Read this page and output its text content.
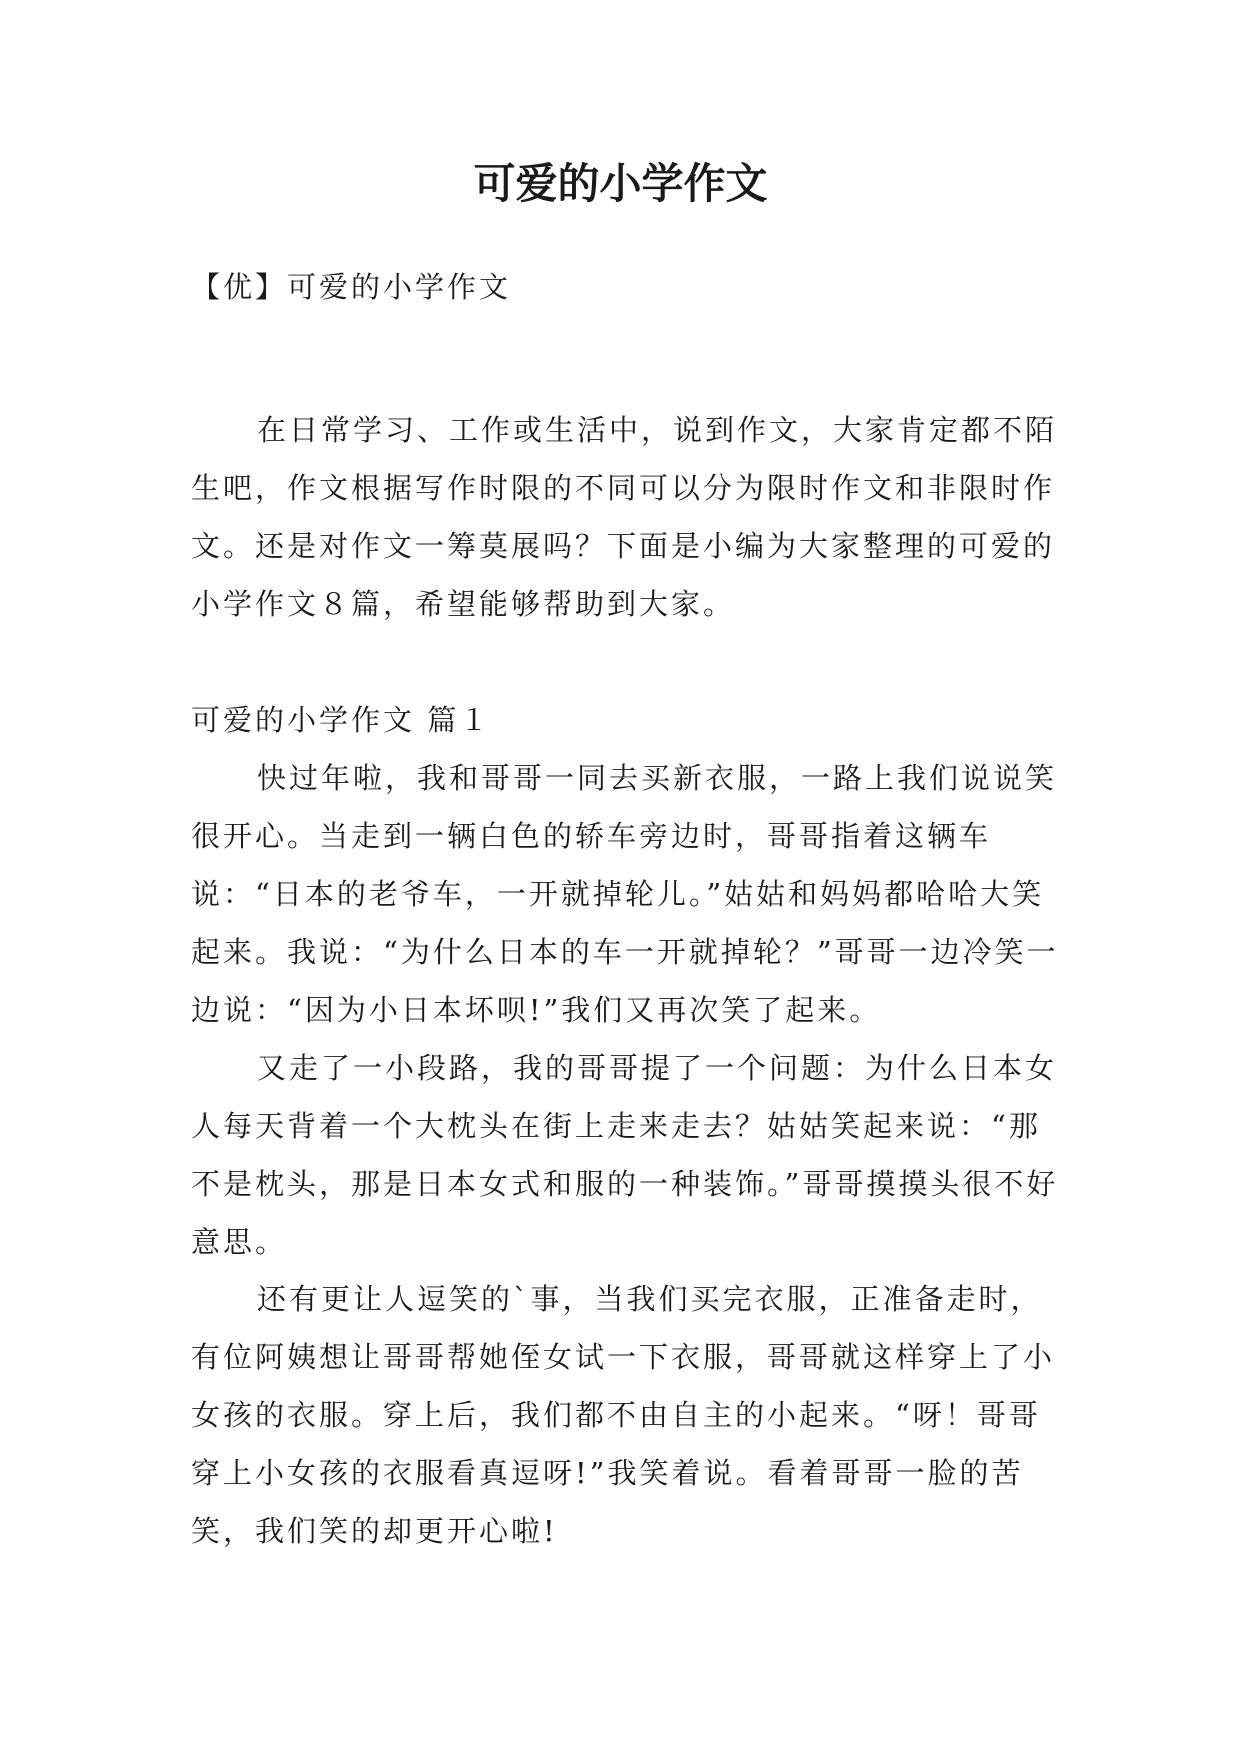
可爱的小学作文

【优】可爱的小学作文

在日常学习、工作或生活中，说到作文，大家肯定都不陌生吧，作文根据写作时限的不同可以分为限时作文和非限时作文。还是对作文一筹莫展吗？下面是小编为大家整理的可爱的小学作文８篇，希望能够帮助到大家。

可爱的小学作文 篇１

快过年啦，我和哥哥一同去买新衣服，一路上我们说说笑很开心。当走到一辆白色的轿车旁边时，哥哥指着这辆车说：“日本的老爷车，一开就掉轮儿。”姑姑和妈妈都哈哈大笑起来。我说：“为什么日本的车一开就掉轮？”哥哥一边冷笑一边说：“因为小日本坏呗!”我们又再次笑了起来。

又走了一小段路，我的哥哥提了一个问题：为什么日本女人每天背着一个大枕头在街上走来走去？姑姑笑起来说：“那不是枕头，那是日本女式和服的一种装饰。”哥哥摸摸头很不好意思。

还有更让人逗笑的`事，当我们买完衣服，正准备走时，有位阿姨想让哥哥帮她侄女试一下衣服，哥哥就这样穿上了小女孩的衣服。穿上后，我们都不由自主的小起来。“呀！哥哥穿上小女孩的衣服看真逗呀!”我笑着说。看着哥哥一脸的苦笑，我们笑的却更开心啦!
